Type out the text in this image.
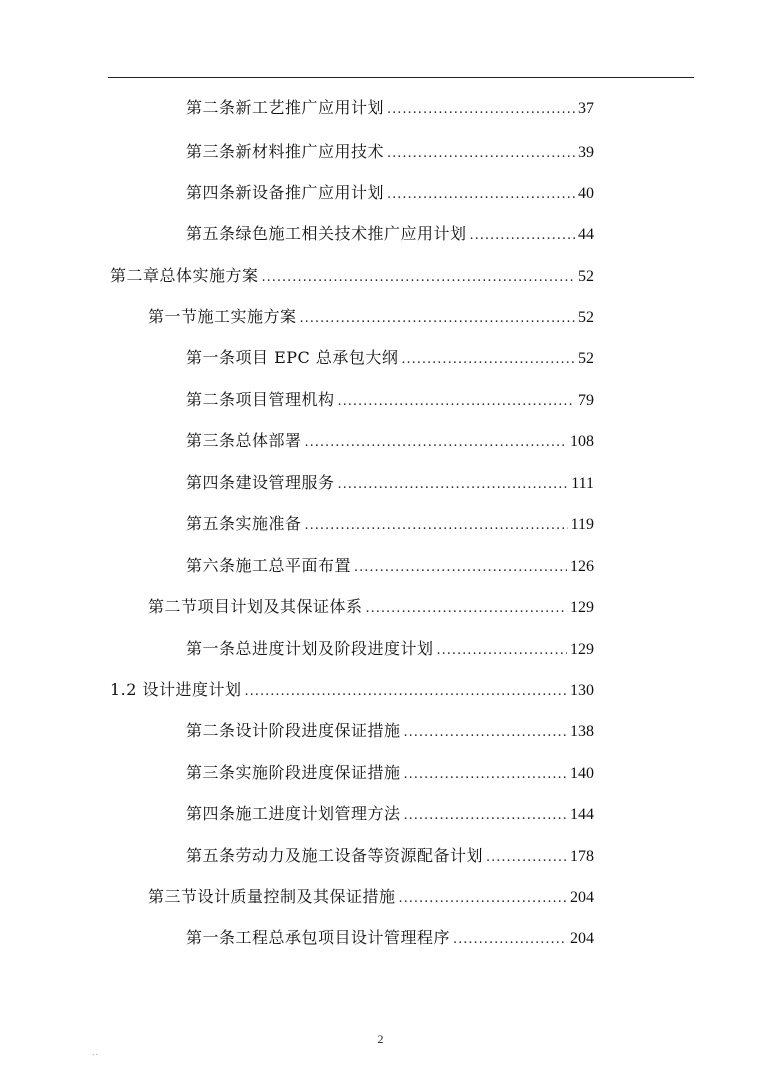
第二条新工艺推广应用计划 .....	37
第三条新材料推广应用技术 .....	39
第四条新设备推广应用计划 .....	40
第五条绿色施工相关技术推广应用计划 .....	44
第二章总体实施方案 .....	52
第一节施工实施方案 .....	52
第一条项目 EPC 总承包大纲 .....	52
第二条项目管理机构 .....	79
第三条总体部署 .....	108
第四条建设管理服务 .....	111
第五条实施准备 .....	119
第六条施工总平面布置 .....	126
第二节项目计划及其保证体系 .....	129
第一条总进度计划及阶段进度计划 .....	129
1.2 设计进度计划 .....	130
第二条设计阶段进度保证措施 .....	138
第三条实施阶段进度保证措施 .....	140
第四条施工进度计划管理方法 .....	144
第五条劳动力及施工设备等资源配备计划 .....	178
第三节设计质量控制及其保证措施 .....	204
第一条工程总承包项目设计管理程序 .....	204
2
..
